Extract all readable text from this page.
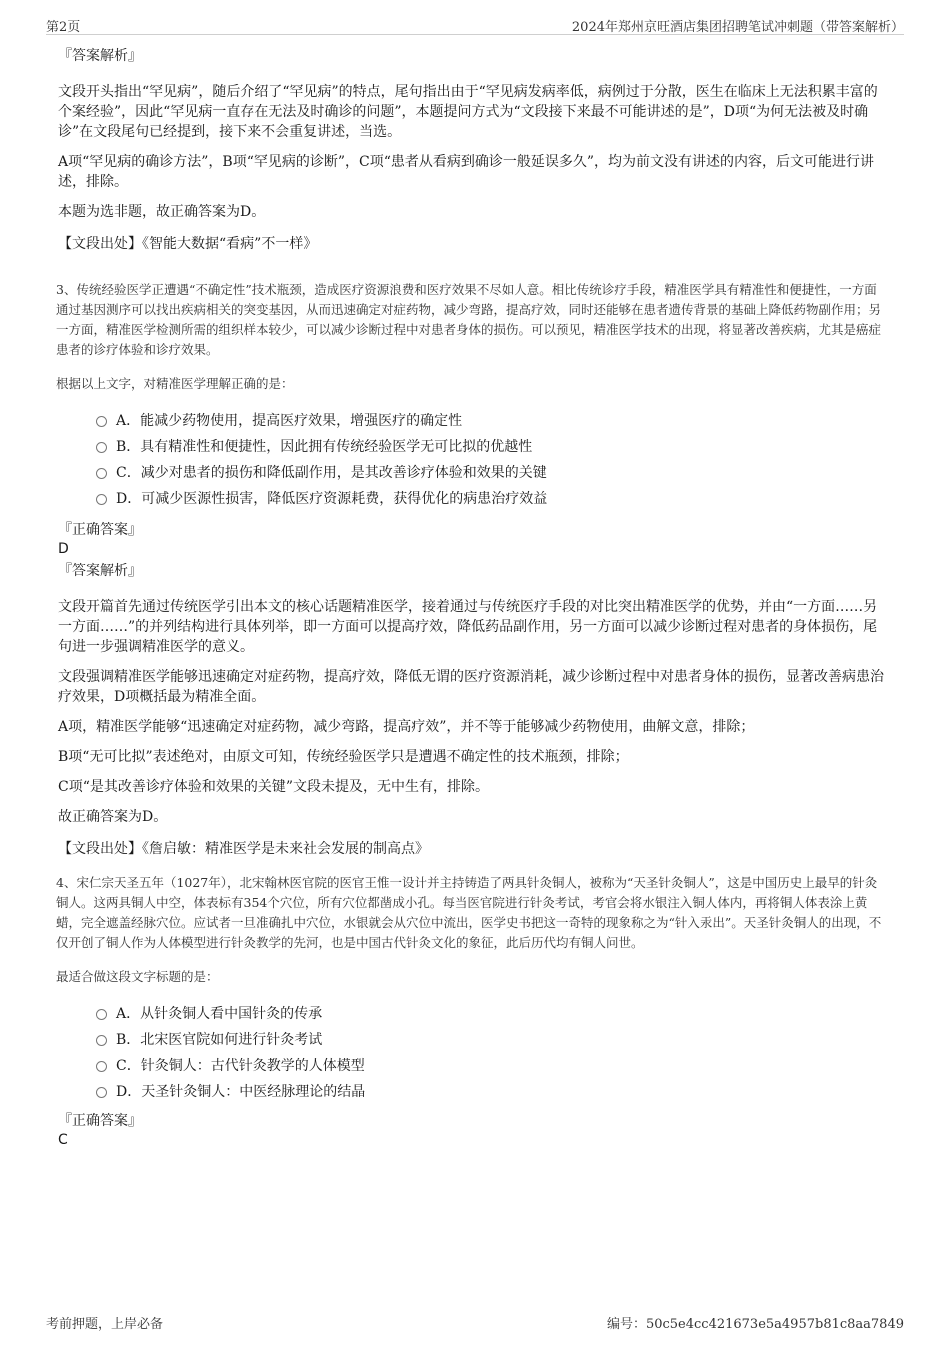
第2页	2024年郑州京旺酒店集团招聘笔试冲刺题（带答案解析）
『答案解析』
文段开头指出“罕见病”，随后介绍了“罕见病”的特点，尾句指出由于“罕见病发病率低，病例过于分散，医生在临床上无法积累丰富的个案经验”，因此“罕见病一直存在无法及时确诊的问题”，本题提问方式为“文段接下来最不可能讲述的是”，D项“为何无法被及时确诊”在文段尾句已经提到，接下来不会重复讲述，当选。
A项“罕见病的确诊方法”，B项“罕见病的诊断”，C项“患者从看病到确诊一般延误多久”，均为前文没有讲述的内容，后文可能进行讲述，排除。
本题为选非题，故正确答案为D。
【文段出处】《智能大数据“看病”不一样》
3、传统经验医学正遭遇“不确定性”技术瓶颈，造成医疗资源浪费和医疗效果不尽如人意。相比传统诊疗手段，精准医学具有精准性和便捷性，一方面通过基因测序可以找出疾病相关的突变基因，从而迅速确定对症药物，减少弯路，提高疗效，同时还能够在患者遗传背景的基础上降低药物副作用；另一方面，精准医学检测所需的组织样本较少，可以减少诊断过程中对患者身体的损伤。可以预见，精准医学技术的出现，将显著改善疾病，尤其是癌症患者的诊疗体验和诊疗效果。
根据以上文字，对精准医学理解正确的是：
A．能减少药物使用，提高医疗效果，增强医疗的确定性
B．具有精准性和便捷性，因此拥有传统经验医学无可比拟的优越性
C．减少对患者的损伤和降低副作用，是其改善诊疗体验和效果的关键
D．可减少医源性损害，降低医疗资源耗费，获得优化的病患治疗效益
『正确答案』
D
『答案解析』
文段开篇首先通过传统医学引出本文的核心话题精准医学，接着通过与传统医疗手段的对比突出精准医学的优势，并由“一方面……另一方面……”的并列结构进行具体列举，即一方面可以提高疗效，降低药品副作用，另一方面可以减少诊断过程对患者的身体损伤，尾句进一步强调精准医学的意义。
文段强调精准医学能够迅速确定对症药物，提高疗效，降低无谓的医疗资源消耗，减少诊断过程中对患者身体的损伤，显著改善病患治疗效果，D项概括最为精准全面。
A项，精准医学能够“迅速确定对症药物，减少弯路，提高疗效”，并不等于能够减少药物使用，曲解文意，排除；
B项“无可比拟”表述绝对，由原文可知，传统经验医学只是遭遇不确定性的技术瓶颈，排除；
C项“是其改善诊疗体验和效果的关键”文段未提及，无中生有，排除。
故正确答案为D。
【文段出处】《詹启敏：精准医学是未来社会发展的制高点》
4、宋仁宗天圣五年（1027年），北宋翰林医官院的医官王惟一设计并主持铸造了两具针灸铜人，被称为“天圣针灸铜人”，这是中国历史上最早的针灸铜人。这两具铜人中空，体表标有354个穴位，所有穴位都凿成小孔。每当医官院进行针灸考试，考官会将水银注入铜人体内，再将铜人体表涂上黄蜡，完全遮盖经脉穴位。应试者一旦准确扎中穴位，水银就会从穴位中流出，医学史书把这一奇特的现象称之为“针入汞出”。天圣针灸铜人的出现，不仅开创了铜人作为人体模型进行针灸教学的先河，也是中国古代针灸文化的象征，此后历代均有铜人问世。
最适合做这段文字标题的是：
A．从针灸铜人看中国针灸的传承
B．北宋医官院如何进行针灸考试
C．针灸铜人：古代针灸教学的人体模型
D．天圣针灸铜人：中医经脉理论的结晶
『正确答案』
C
考前押题，上岸必备	编号：50c5e4cc421673e5a4957b81c8aa7849
